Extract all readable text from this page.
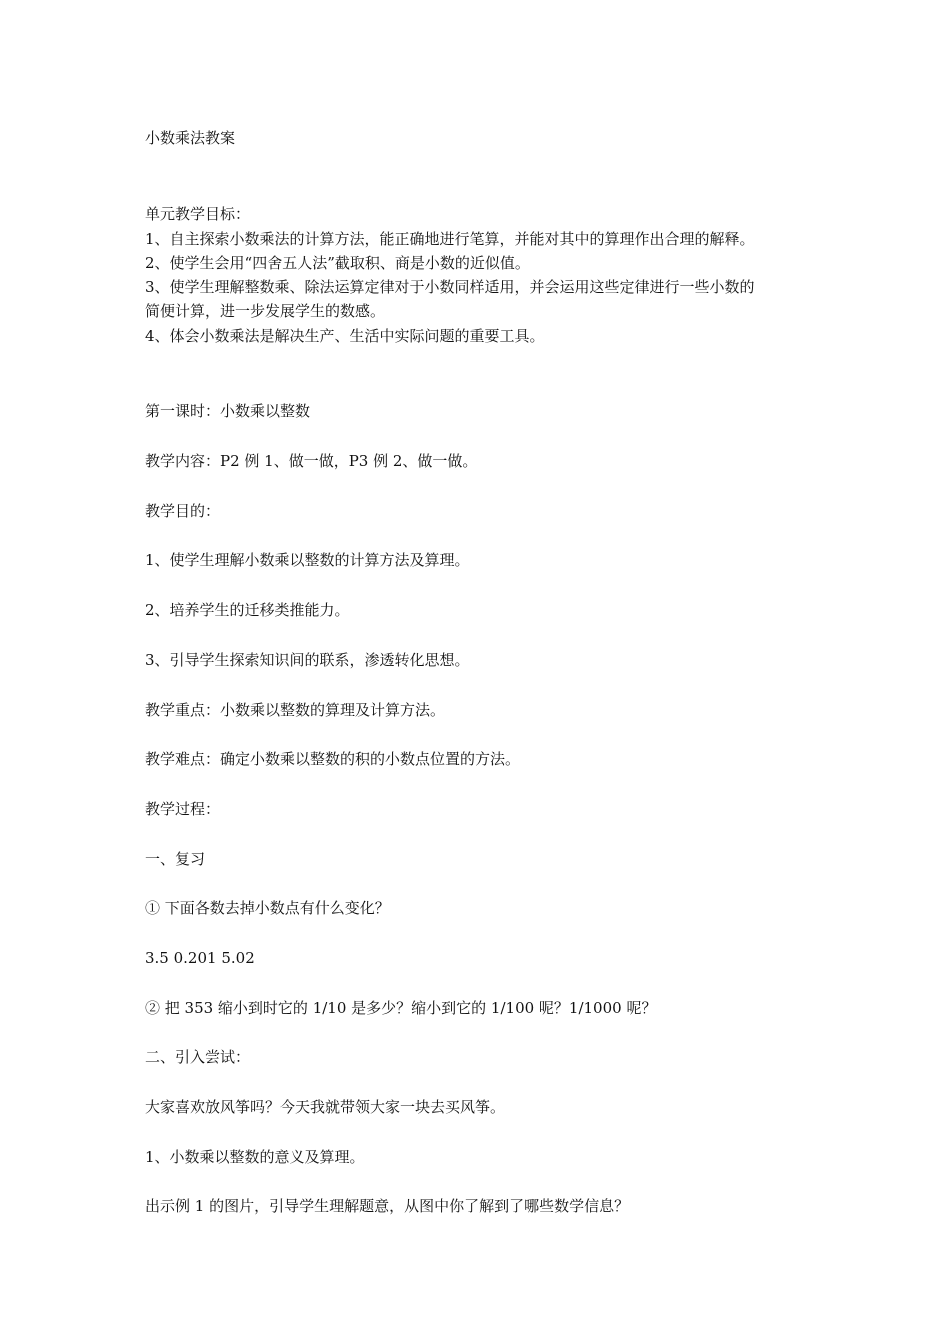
小数乘法教案
单元教学目标：
1、自主探索小数乘法的计算方法，能正确地进行笔算，并能对其中的算理作出合理的解释。
2、使学生会用“四舍五人法”截取积、商是小数的近似值。
3、使学生理解整数乘、除法运算定律对于小数同样适用，并会运用这些定律进行一些小数的
简便计算，进一步发展学生的数感。
4、体会小数乘法是解决生产、生活中实际问题的重要工具。
第一课时：小数乘以整数
教学内容：P2 例 1、做一做，P3 例 2、做一做。
教学目的：
1、使学生理解小数乘以整数的计算方法及算理。
2、培养学生的迁移类推能力。
3、引导学生探索知识间的联系，渗透转化思想。
教学重点：小数乘以整数的算理及计算方法。
教学难点：确定小数乘以整数的积的小数点位置的方法。
教学过程：
一、复习
① 下面各数去掉小数点有什么变化？
3.5 0.201 5.02
② 把 353 缩小到时它的 1/10 是多少？缩小到它的 1/100 呢？1/1000 呢？
二、引入尝试：
大家喜欢放风筝吗？今天我就带领大家一块去买风筝。
1、小数乘以整数的意义及算理。
出示例 1 的图片，引导学生理解题意，从图中你了解到了哪些数学信息？
